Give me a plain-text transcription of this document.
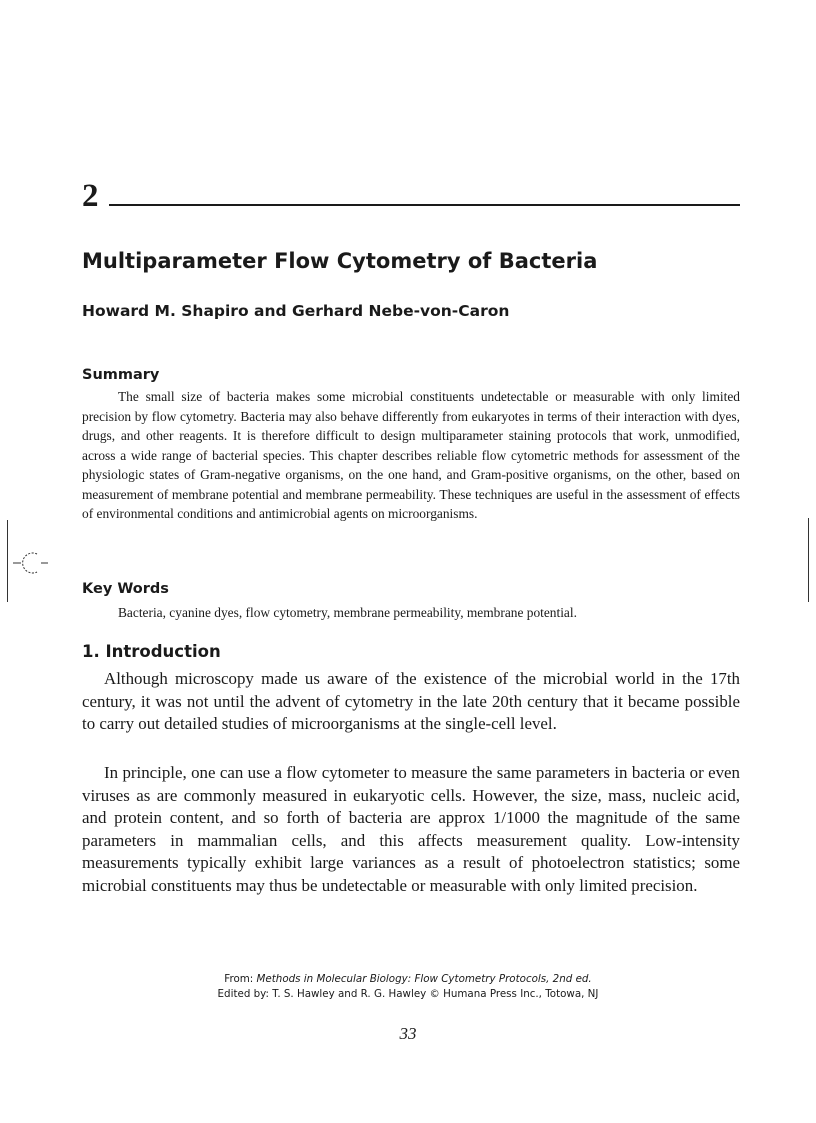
2
Multiparameter Flow Cytometry of Bacteria

Howard M. Shapiro and Gerhard Nebe-von-Caron

Summary

The small size of bacteria makes some microbial constituents undetectable or measurable with only limited precision by flow cytometry. Bacteria may also behave differently from eukaryotes in terms of their interaction with dyes, drugs, and other reagents. It is therefore difficult to design multiparameter staining protocols that work, unmodified, across a wide range of bacterial species. This chapter describes reliable flow cytometric methods for assessment of the physiologic states of Gram-negative organisms, on the one hand, and Gram-positive organisms, on the other, based on measurement of membrane potential and membrane permeability. These techniques are useful in the assessment of effects of environmental conditions and antimicrobial agents on microorganisms.

Key Words

Bacteria, cyanine dyes, flow cytometry, membrane permeability, membrane potential.

1. Introduction

Although microscopy made us aware of the existence of the microbial world in the 17th century, it was not until the advent of cytometry in the late 20th century that it became possible to carry out detailed studies of microorganisms at the single-cell level.

In principle, one can use a flow cytometer to measure the same parameters in bacteria or even viruses as are commonly measured in eukaryotic cells. However, the size, mass, nucleic acid, and protein content, and so forth of bacteria are approx 1/1000 the magnitude of the same parameters in mammalian cells, and this affects measurement quality. Low-intensity measurements typically exhibit large variances as a result of photoelectron statistics; some microbial constituents may thus be undetectable or measurable with only limited precision.

From: Methods in Molecular Biology: Flow Cytometry Protocols, 2nd ed.

Edited by: T. S. Hawley and R. G. Hawley © Humana Press Inc., Totowa, NJ

33
